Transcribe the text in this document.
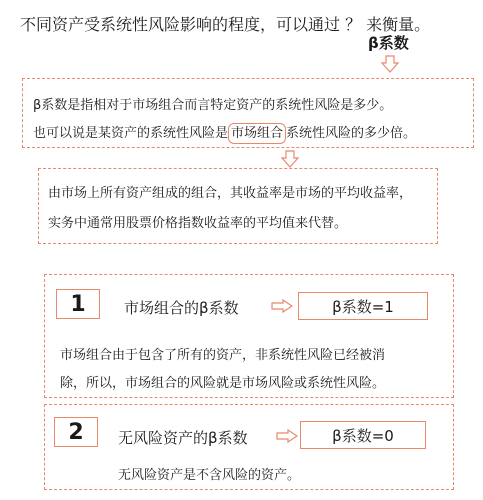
不同资产受系统性风险影响的程度，可以通过 ？ 来衡量。
β系数
β系数是指相对于市场组合而言特定资产的系统性风险是多少。
也可以说是某资产的系统性风险是 市场组合 系统性风险的多少倍。
由市场上所有资产组成的组合，其收益率是市场的平均收益率，
实务中通常用股票价格指数收益率的平均值来代替。
1	市场组合的β系数	β系数=1
市场组合由于包含了所有的资产，非系统性风险已经被消
除，所以，市场组合的风险就是市场风险或系统性风险。
2	无风险资产的β系数	β系数=0
无风险资产是不含风险的资产。
